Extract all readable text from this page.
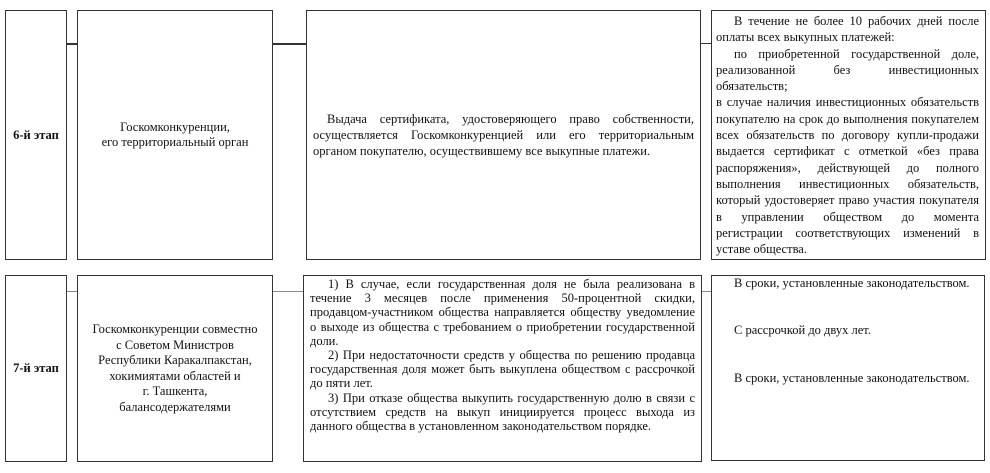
6-й этап
Госкомконкуренции,
его территориальный орган

Выдача сертификата, удостоверяющего право собственности, осуществляется Госкомконкуренцией или его территориальным органом покупателю, осуществившему все выкупные платежи.

В течение не более 10 рабочих дней после оплаты всех выкупных платежей:

по приобретенной государственной доле, реализованной без инвестиционных обязательств;

в случае наличия инвестиционных обязательств покупателю на срок до выполнения покупателем всех обязательств по договору купли-продажи выдается сертификат с отметкой «без права распоряжения», действующей до полного выполнения инвестиционных обязательств, который удостоверяет право участия покупателя в управлении обществом до момента регистрации соответствующих изменений в уставе общества.

7-й этап
Госкомконкуренции совместно
с Советом Министров
Республики Каракалпакстан,
хокимиятами областей и
г. Ташкента,
балансодержателями

1) В случае, если государственная доля не была реализована в течение 3 месяцев после применения 50-процентной скидки, продавцом-участником общества направляется обществу уведомление о выходе из общества с требованием о приобретении государственной доли.

2) При недостаточности средств у общества по решению продавца государственная доля может быть выкуплена обществом с рассрочкой до пяти лет.

3) При отказе общества выкупить государственную долю в связи с отсутствием средств на выкуп инициируется процесс выхода из данного общества в установленном законодательством порядке.

В сроки, установленные законодательством.

С рассрочкой до двух лет.

В сроки, установленные законодательством.
